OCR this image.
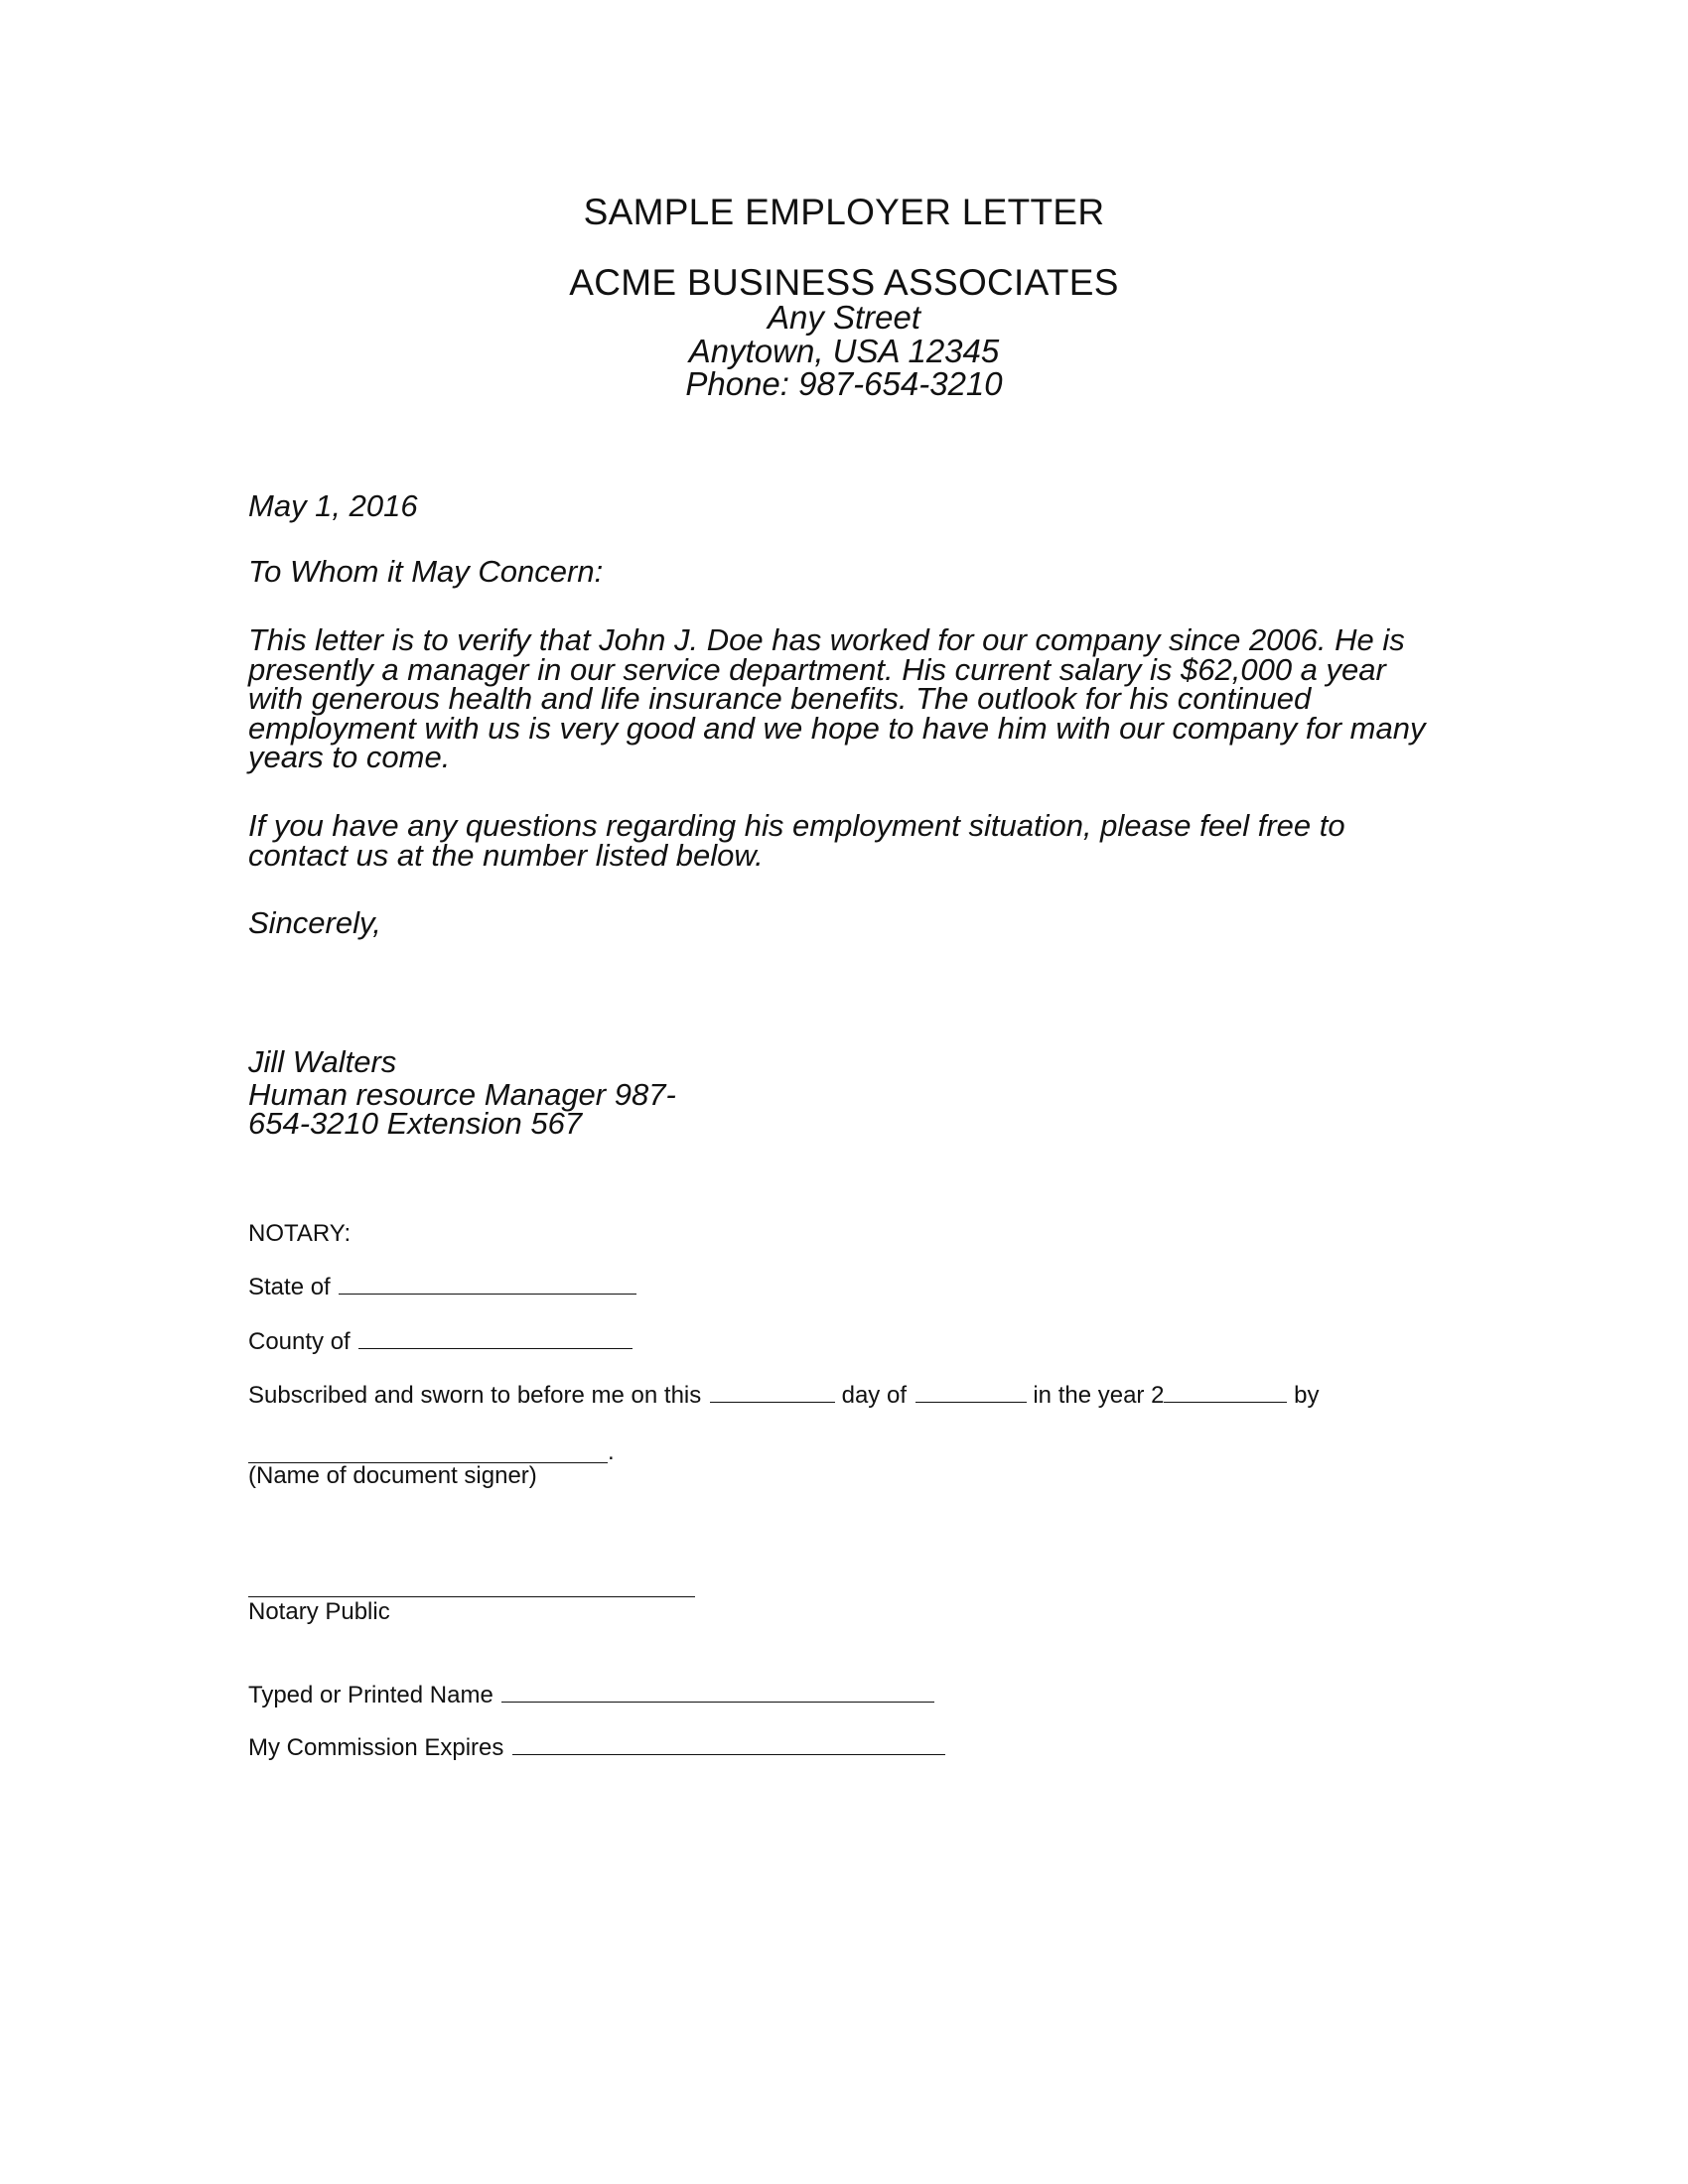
SAMPLE EMPLOYER LETTER
ACME BUSINESS ASSOCIATES
Any Street
Anytown, USA 12345
Phone: 987-654-3210
May 1, 2016
To Whom it May Concern:
This letter is to verify that John J. Doe has worked for our company since 2006. He is
presently a manager in our service department. His current salary is $62,000 a year
with generous health and life insurance benefits. The outlook for his continued
employment with us is very good and we hope to have him with our company for many
years to come.
If you have any questions regarding his employment situation, please feel free to
contact us at the number listed below.
Sincerely,
Jill Walters
Human resource Manager 987-
654-3210 Extension 567
NOTARY:
State of
County of
Subscribed and sworn to before me on this	day of	in the year 2	by
.
(Name of document signer)
Notary Public
Typed or Printed Name
My Commission Expires
